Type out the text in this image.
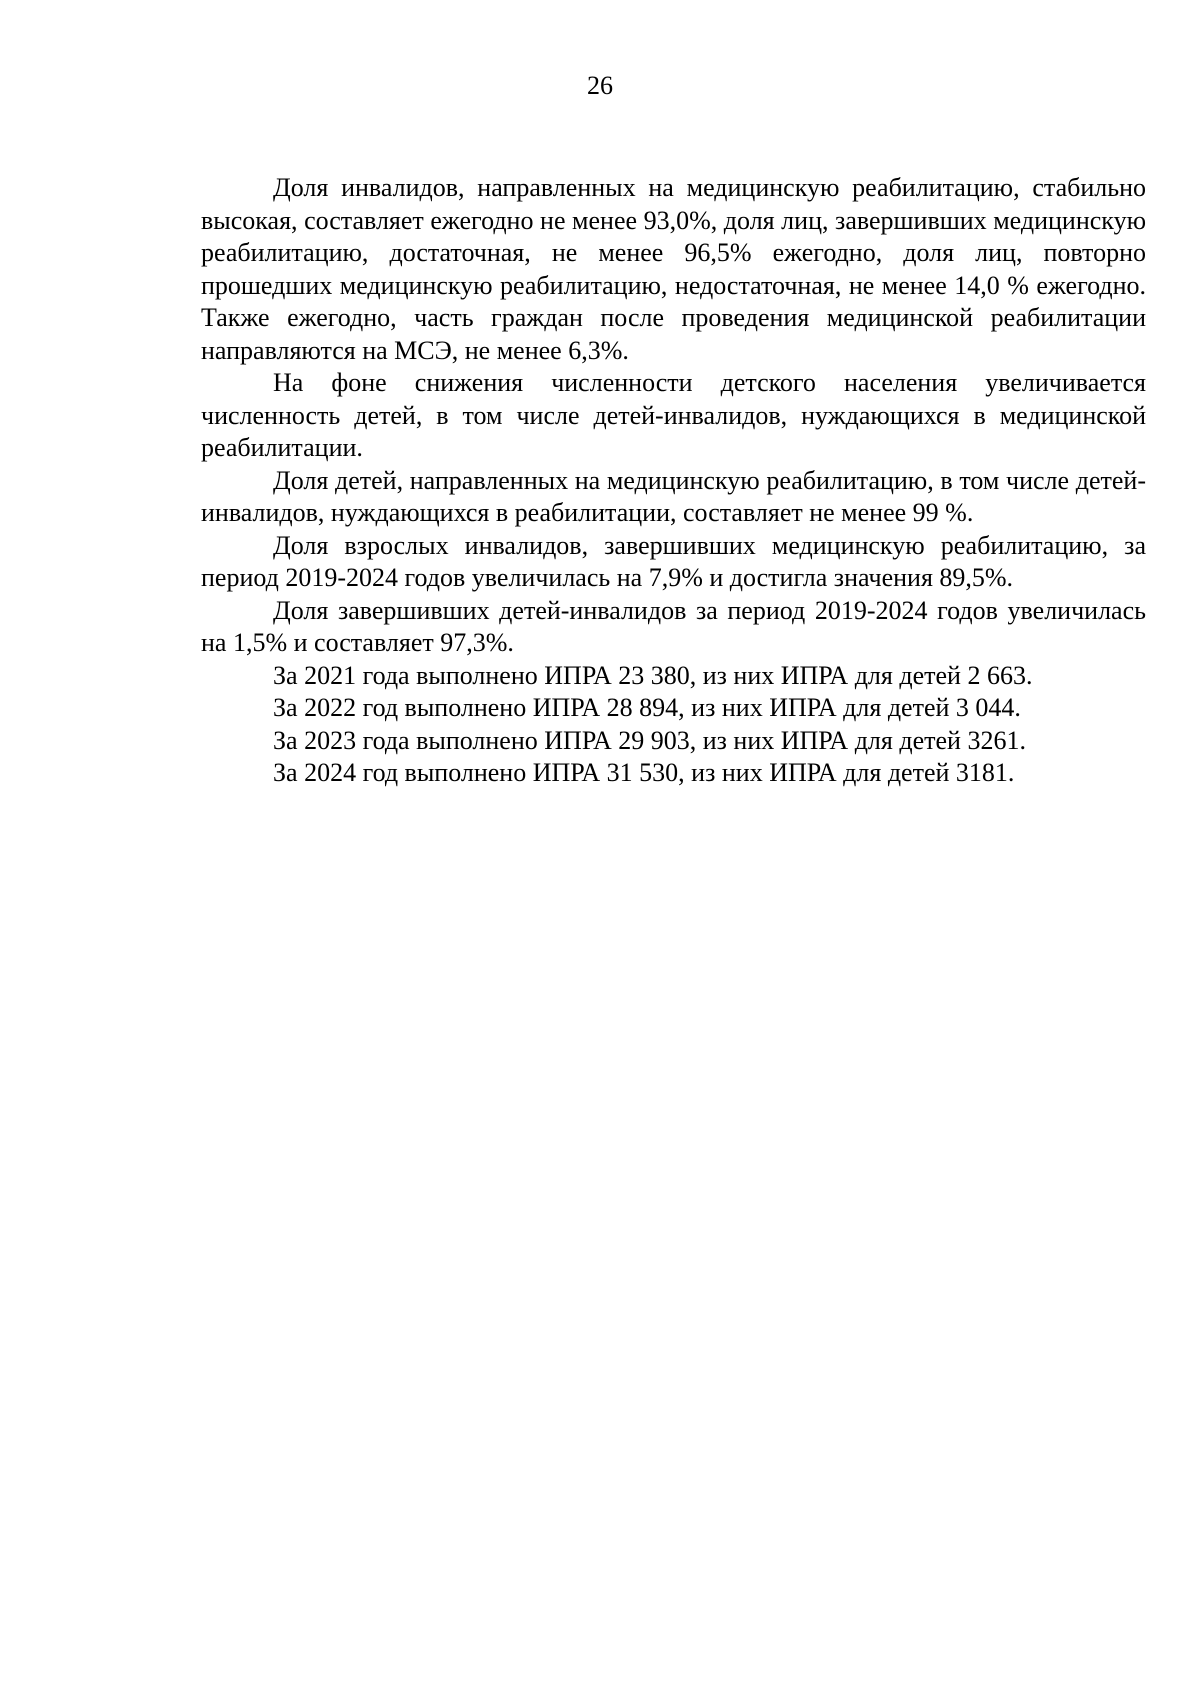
26

Доля инвалидов, направленных на медицинскую реабилитацию, стабильно высокая, составляет ежегодно не менее 93,0%, доля лиц, завершивших медицинскую реабилитацию, достаточная, не менее 96,5% ежегодно, доля лиц, повторно прошедших медицинскую реабилитацию, недостаточная, не менее 14,0 % ежегодно. Также ежегодно, часть граждан после проведения медицинской реабилитации направляются на МСЭ, не менее 6,3%.

На фоне снижения численности детского населения увеличивается численность детей, в том числе детей-инвалидов, нуждающихся в медицинской реабилитации.

Доля детей, направленных на медицинскую реабилитацию, в том числе детей-инвалидов, нуждающихся в реабилитации, составляет не менее 99 %.

Доля взрослых инвалидов, завершивших медицинскую реабилитацию, за период 2019-2024 годов увеличилась на 7,9% и достигла значения 89,5%.

Доля завершивших детей-инвалидов за период 2019-2024 годов увеличилась на 1,5% и составляет 97,3%.

За 2021 года выполнено ИПРА 23 380, из них ИПРА для детей 2 663.

За 2022 год выполнено ИПРА 28 894, из них ИПРА для детей 3 044.

За 2023 года выполнено ИПРА 29 903, из них ИПРА для детей 3261.

За 2024 год выполнено ИПРА 31 530, из них ИПРА для детей 3181.
